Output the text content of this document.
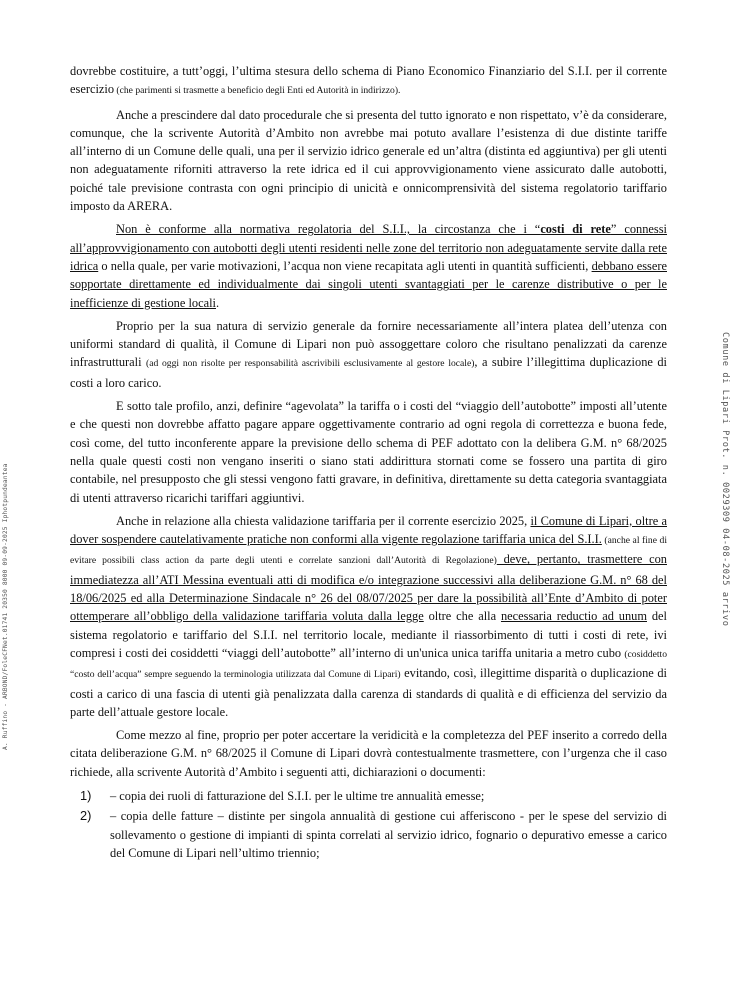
A. Ruffino - ARBOND/FoleCFNet.01741 20350 8000 09-09-2025 Iphotpundeantea	Comune di Lipari Prot. n. 0029309 04-08-2025 arrivo

dovrebbe costituire, a tutt’oggi, l’ultima stesura dello schema di Piano Economico Finanziario del S.I.I. per il corrente esercizio (che parimenti si trasmette a beneficio degli Enti ed Autorità in indirizzo).

Anche a prescindere dal dato procedurale che si presenta del tutto ignorato e non rispettato, v’è da considerare, comunque, che la scrivente Autorità d’Ambito non avrebbe mai potuto avallare l’esistenza di due distinte tariffe all’interno di un Comune delle quali, una per il servizio idrico generale ed un’altra (distinta ed aggiuntiva) per gli utenti non adeguatamente riforniti attraverso la rete idrica ed il cui approvvigionamento viene assicurato dalle autobotti, poiché tale previsione contrasta con ogni principio di unicità e onnicomprensività del sistema regolatorio tariffario imposto da ARERA.

Non è conforme alla normativa regolatoria del S.I.I., la circostanza che i “costi di rete” connessi all’approvvigionamento con autobotti degli utenti residenti nelle zone del territorio non adeguatamente servite dalla rete idrica o nella quale, per varie motivazioni, l’acqua non viene recapitata agli utenti in quantità sufficienti, debbano essere sopportate direttamente ed individualmente dai singoli utenti svantaggiati per le carenze distributive o per le inefficienze di gestione locali.

Proprio per la sua natura di servizio generale da fornire necessariamente all’intera platea dell’utenza con uniformi standard di qualità, il Comune di Lipari non può assoggettare coloro che risultano penalizzati da carenze infrastrutturali (ad oggi non risolte per responsabilità ascrivibili esclusivamente al gestore locale), a subire l’illegittima duplicazione di costi a loro carico.

E sotto tale profilo, anzi, definire “agevolata” la tariffa o i costi del “viaggio dell’autobotte” imposti all’utente e che questi non dovrebbe affatto pagare appare oggettivamente contrario ad ogni regola di correttezza e buona fede, così come, del tutto inconferente appare la previsione dello schema di PEF adottato con la delibera G.M. n° 68/2025 nella quale questi costi non vengano inseriti o siano stati addirittura stornati come se fossero una partita di giro contabile, nel presupposto che gli stessi vengono fatti gravare, in definitiva, direttamente su detta categoria svantaggiata di utenti attraverso ricarichi tariffari aggiuntivi.

Anche in relazione alla chiesta validazione tariffaria per il corrente esercizio 2025, il Comune di Lipari, oltre a dover sospendere cautelativamente pratiche non conformi alla vigente regolazione tariffaria unica del S.I.I. (anche al fine di evitare possibili class action da parte degli utenti e correlate sanzioni dall’Autorità di Regolazione) deve, pertanto, trasmettere con immediatezza all’ATI Messina eventuali atti di modifica e/o integrazione successivi alla deliberazione G.M. n° 68 del 18/06/2025 ed alla Determinazione Sindacale n° 26 del 08/07/2025 per dare la possibilità all’Ente d’Ambito di poter ottemperare all’obbligo della validazione tariffaria voluta dalla legge oltre che alla necessaria reductio ad unum del sistema regolatorio e tariffario del S.I.I. nel territorio locale, mediante il riassorbimento di tutti i costi di rete, ivi compresi i costi dei cosiddetti “viaggi dell’autobotte” all’interno di un'unica unica tariffa unitaria a metro cubo (cosiddetto “costo dell’acqua” sempre seguendo la terminologia utilizzata dal Comune di Lipari) evitando, così, illegittime disparità o duplicazione di costi a carico di una fascia di utenti già penalizzata dalla carenza di standards di qualità e di efficienza del servizio da parte dell’attuale gestore locale.

Come mezzo al fine, proprio per poter accertare la veridicità e la completezza del PEF inserito a corredo della citata deliberazione G.M. n° 68/2025 il Comune di Lipari dovrà contestualmente trasmettere, con l’urgenza che il caso richiede, alla scrivente Autorità d’Ambito i seguenti atti, dichiarazioni o documenti:

1) – copia dei ruoli di fatturazione del S.I.I. per le ultime tre annualità emesse;
2) – copia delle fatture – distinte per singola annualità di gestione cui afferiscono - per le spese del servizio di sollevamento o gestione di impianti di spinta correlati al servizio idrico, fognario o depurativo emesse a carico del Comune di Lipari nell’ultimo triennio;
